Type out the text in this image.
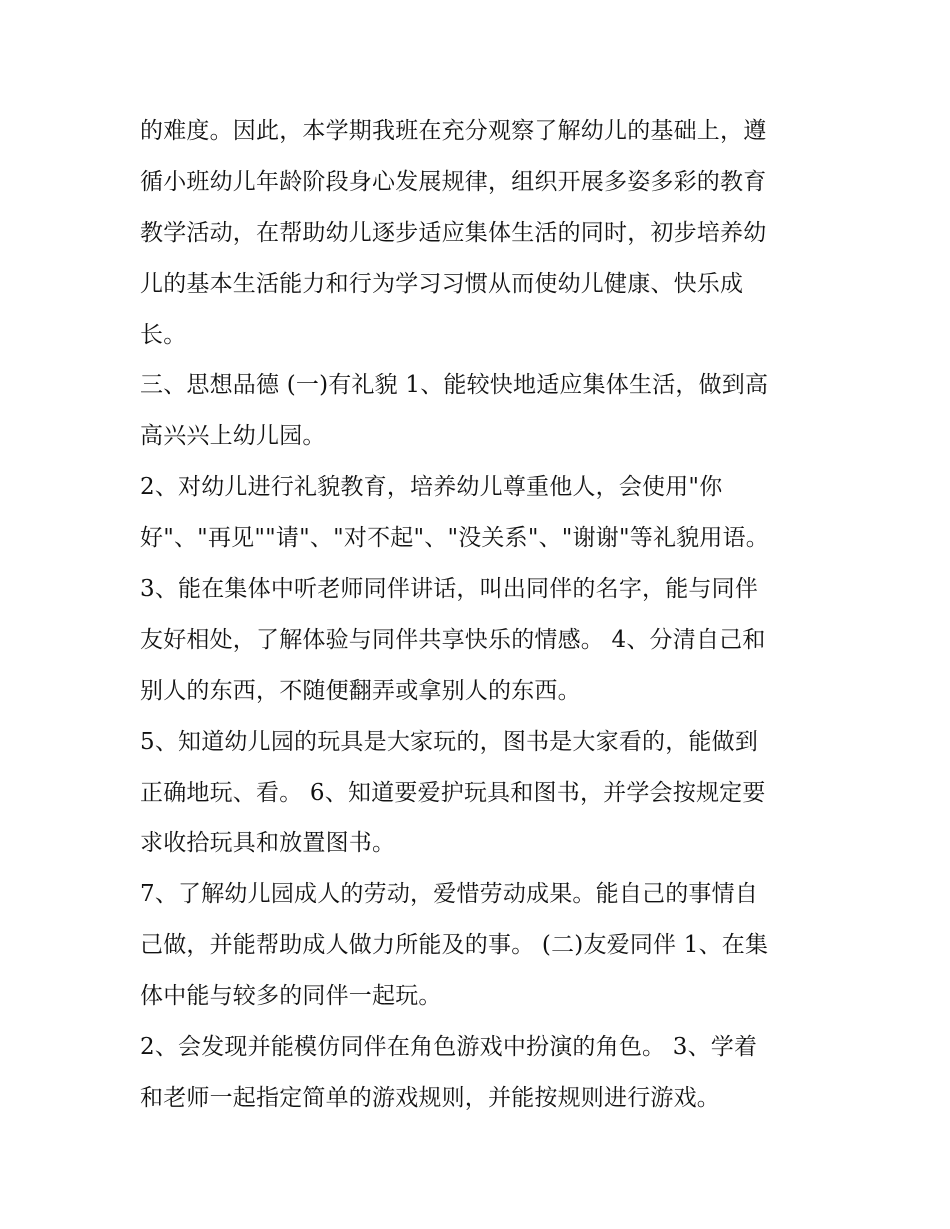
的难度。因此，本学期我班在充分观察了解幼儿的基础上，遵
循小班幼儿年龄阶段身心发展规律，组织开展多姿多彩的教育
教学活动，在帮助幼儿逐步适应集体生活的同时，初步培养幼
儿的基本生活能力和行为学习习惯从而使幼儿健康、快乐成
长。
三、思想品德 (一)有礼貌 1、能较快地适应集体生活，做到高
高兴兴上幼儿园。
2、对幼儿进行礼貌教育，培养幼儿尊重他人，会使用"你
好"、"再见""请"、"对不起"、"没关系"、"谢谢"等礼貌用语。
3、能在集体中听老师同伴讲话，叫出同伴的名字，能与同伴
友好相处，了解体验与同伴共享快乐的情感。 4、分清自己和
别人的东西，不随便翻弄或拿别人的东西。
5、知道幼儿园的玩具是大家玩的，图书是大家看的，能做到
正确地玩、看。 6、知道要爱护玩具和图书，并学会按规定要
求收拾玩具和放置图书。
7、了解幼儿园成人的劳动，爱惜劳动成果。能自己的事情自
己做，并能帮助成人做力所能及的事。 (二)友爱同伴 1、在集
体中能与较多的同伴一起玩。
2、会发现并能模仿同伴在角色游戏中扮演的角色。 3、学着
和老师一起指定简单的游戏规则，并能按规则进行游戏。
